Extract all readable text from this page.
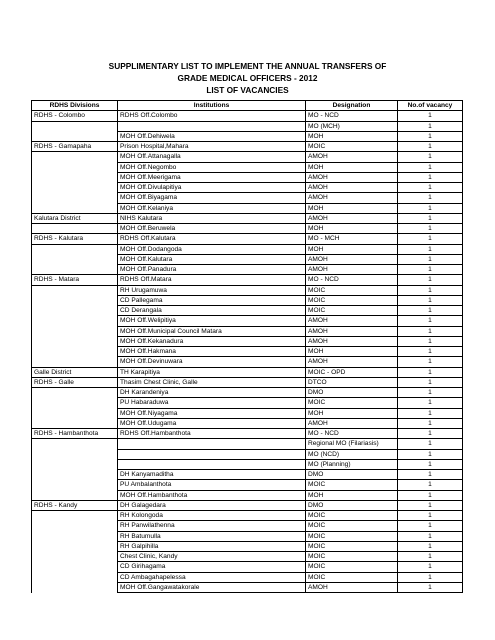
SUPPLIMENTARY LIST TO IMPLEMENT THE ANNUAL TRANSFERS OF
GRADE MEDICAL OFFICERS - 2012
LIST OF VACANCIES
RDHS Divisions	Institutions	Designation	No.of vacancy
RDHS - Colombo	RDHS Off.Colombo	MO - NCD	1
		MO (MCH)	1
	MOH Off.Dehiwela	MOH	1
RDHS - Gamapaha	Prison Hospital,Mahara	MOIC	1
	MOH Off.Attanagalla	AMOH	1
	MOH Off.Negombo	MOH	1
	MOH Off.Meerigama	AMOH	1
	MOH Off.Divulapitiya	AMOH	1
	MOH Off.Biyagama	AMOH	1
	MOH Off.Kelaniya	MOH	1
Kalutara District	NIHS Kalutara	AMOH	1
	MOH Off.Beruwela	MOH	1
RDHS - Kalutara	RDHS Off.Kalutara	MO - MCH	1
	MOH Off.Dodangoda	MOH	1
	MOH Off.Kalutara	AMOH	1
	MOH Off.Panadura	AMOH	1
RDHS - Matara	RDHS Off.Matara	MO - NCD	1
	RH Urugamuwa	MOIC	1
	CD Pallegama	MOIC	1
	CD Derangala	MOIC	1
	MOH Off.Welipitiya	AMOH	1
	MOH Off.Municipal Council Matara	AMOH	1
	MOH Off.Kekanadura	AMOH	1
	MOH Off.Hakmana	MOH	1
	MOH Off.Devinuwara	AMOH	1
Galle District	TH Karapitiya	MOIC - OPD	1
RDHS - Galle	Thasim Chest Clinic, Galle	DTCO	1
	DH Karandeniya	DMO	1
	PU Habaraduwa	MOIC	1
	MOH Off.Niyagama	MOH	1
	MOH Off.Udugama	AMOH	1
RDHS - Hambanthota	RDHS Off.Hambanthota	MO - NCD	1
		Regional MO (Filariasis)	1
		MO (NCD)	1
		MO (Planning)	1
	DH Kanyamaditha	DMO	1
	PU Ambalanthota	MOIC	1
	MOH Off.Hambanthota	MOH	1
RDHS - Kandy	DH Galagedara	DMO	1
	RH Kolongoda	MOIC	1
	RH Panwilathenna	MOIC	1
	RH Batumulla	MOIC	1
	RH Galpihilla	MOIC	1
	Chest Clinic, Kandy	MOIC	1
	CD Girihagama	MOIC	1
	CD Ambagahapelessa	MOIC	1
	MOH Off.Gangawatakorale	AMOH	1
